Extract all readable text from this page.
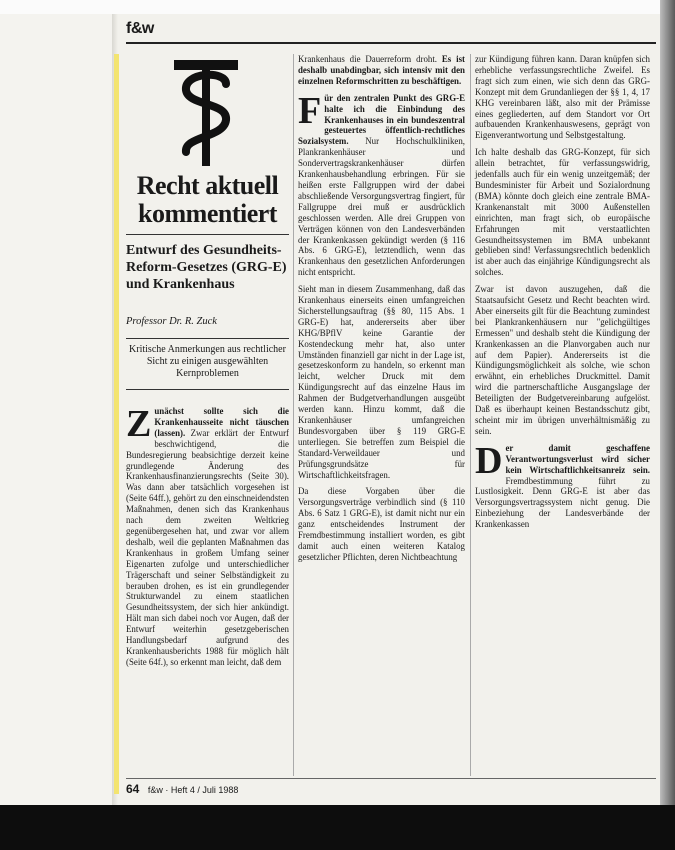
f&w
Recht aktuell
kommentiert
Entwurf des Gesundheits-Reform-Gesetzes (GRG-E) und Krankenhaus
Professor Dr. R. Zuck
Kritische Anmerkungen aus rechtlicher Sicht zu einigen ausgewählten Kernproblemen

Zunächst sollte sich die Krankenhausseite nicht täuschen (lassen). Zwar erklärt der Entwurf beschwichtigend, die Bundesregierung beabsichtige derzeit keine grundlegende Änderung des Krankenhausfinanzierungsrechts (Seite 30). Was dann aber tatsächlich vorgesehen ist (Seite 64ff.), gehört zu den einschneidendsten Maßnahmen, denen sich das Krankenhaus nach dem zweiten Weltkrieg gegenübergesehen hat, und zwar vor allem deshalb, weil die geplanten Maßnahmen das Krankenhaus in großem Umfang seiner Eigenarten zufolge und unterschiedlicher Trägerschaft und seiner Selbständigkeit zu berauben drohen, es ist ein grundlegender Strukturwandel zu einem staatlichen Gesundheitssystem, der sich hier ankündigt. Hält man sich dabei noch vor Augen, daß der Entwurf weiterhin gesetzgeberischen Handlungsbedarf aufgrund des Krankenhausberichts 1988 für möglich hält (Seite 64f.), so erkennt man leicht, daß dem

Krankenhaus die Dauerreform droht. Es ist deshalb unabdingbar, sich intensiv mit den einzelnen Reformschritten zu beschäftigen.

Für den zentralen Punkt des GRG-E halte ich die Einbindung des Krankenhauses in ein bundeszentral gesteuertes öffentlich-rechtliches Sozialsystem. Nur Hochschulkliniken, Plankrankenhäuser und Sondervertragskrankenhäuser dürfen Krankenhausbehandlung erbringen. Für sie heißen erste Fallgruppen wird der dabei abschließende Versorgungsvertrag fingiert, für Fallgruppe drei muß er ausdrücklich geschlossen werden. Alle drei Gruppen von Verträgen können von den Landesverbänden der Krankenkassen gekündigt werden (§ 116 Abs. 6 GRG-E), letztendlich, wenn das Krankenhaus den gesetzlichen Anforderungen nicht entspricht.

Sieht man in diesem Zusammenhang, daß das Krankenhaus einerseits einen umfangreichen Sicherstellungsauftrag (§§ 80, 115 Abs. 1 GRG-E) hat, andererseits aber über KHG/BPflV keine Garantie der Kostendeckung mehr hat, also unter Umständen finanziell gar nicht in der Lage ist, gesetzeskonform zu handeln, so erkennt man leicht, welcher Druck mit dem Kündigungsrecht auf das einzelne Haus im Rahmen der Budgetverhandlungen ausgeübt werden kann. Hinzu kommt, daß die Krankenhäuser umfangreichen Bundesvorgaben über § 119 GRG-E unterliegen. Sie betreffen zum Beispiel die Standard-Verweildauer und Prüfungsgrundsätze für Wirtschaftlichkeitsfragen.

Da diese Vorgaben über die Versorgungsverträge verbindlich sind (§ 110 Abs. 6 Satz 1 GRG-E), ist damit nicht nur ein ganz entscheidendes Instrument der Fremdbestimmung installiert worden, es gibt damit auch einen weiteren Katalog gesetzlicher Pflichten, deren Nichtbeachtung

zur Kündigung führen kann. Daran knüpfen sich erhebliche verfassungsrechtliche Zweifel. Es fragt sich zum einen, wie sich denn das GRG-Konzept mit dem Grundanliegen der §§ 1, 4, 17 KHG vereinbaren läßt, also mit der Prämisse eines gegliederten, auf dem Standort vor Ort aufbauenden Krankenhauswesens, geprägt von Eigenverantwortung und Selbstgestaltung.

Ich halte deshalb das GRG-Konzept, für sich allein betrachtet, für verfassungswidrig, jedenfalls auch für ein wenig unzeitgemäß; der Bundesminister für Arbeit und Sozialordnung (BMA) könnte doch gleich eine zentrale BMA-Krankenanstalt mit 3000 Außenstellen einrichten, man fragt sich, ob europäische Erfahrungen mit verstaatlichten Gesundheitssystemen im BMA unbekannt geblieben sind! Verfassungsrechtlich bedenklich ist aber auch das einjährige Kündigungsrecht als solches.

Zwar ist davon auszugehen, daß die Staatsaufsicht Gesetz und Recht beachten wird. Aber einerseits gilt für die Beachtung zumindest bei Plankrankenhäusern nur "gelichgültiges Ermessen" und deshalb steht die Kündigung der Krankenkassen an die Planvorgaben auch nur auf dem Papier). Andererseits ist die Kündigungsmöglichkeit als solche, wie schon erwähnt, ein erhebliches Druckmittel. Damit wird die partnerschaftliche Ausgangslage der Beteiligten der Budgetvereinbarung aufgelöst. Daß es überhaupt keinen Bestandsschutz gibt, scheint mir im übrigen unverhältnismäßig zu sein.

Der damit geschaffene Verantwortungsverlust wird sicher kein Wirtschaftlichkeitsanreiz sein. Fremdbestimmung führt zu Lustlosigkeit. Denn GRG-E ist aber das Versorgungsvertragssystem nicht genug. Die Einbeziehung der Landesverbände der Krankenkassen

64 f&w · Heft 4 / Juli 1988
